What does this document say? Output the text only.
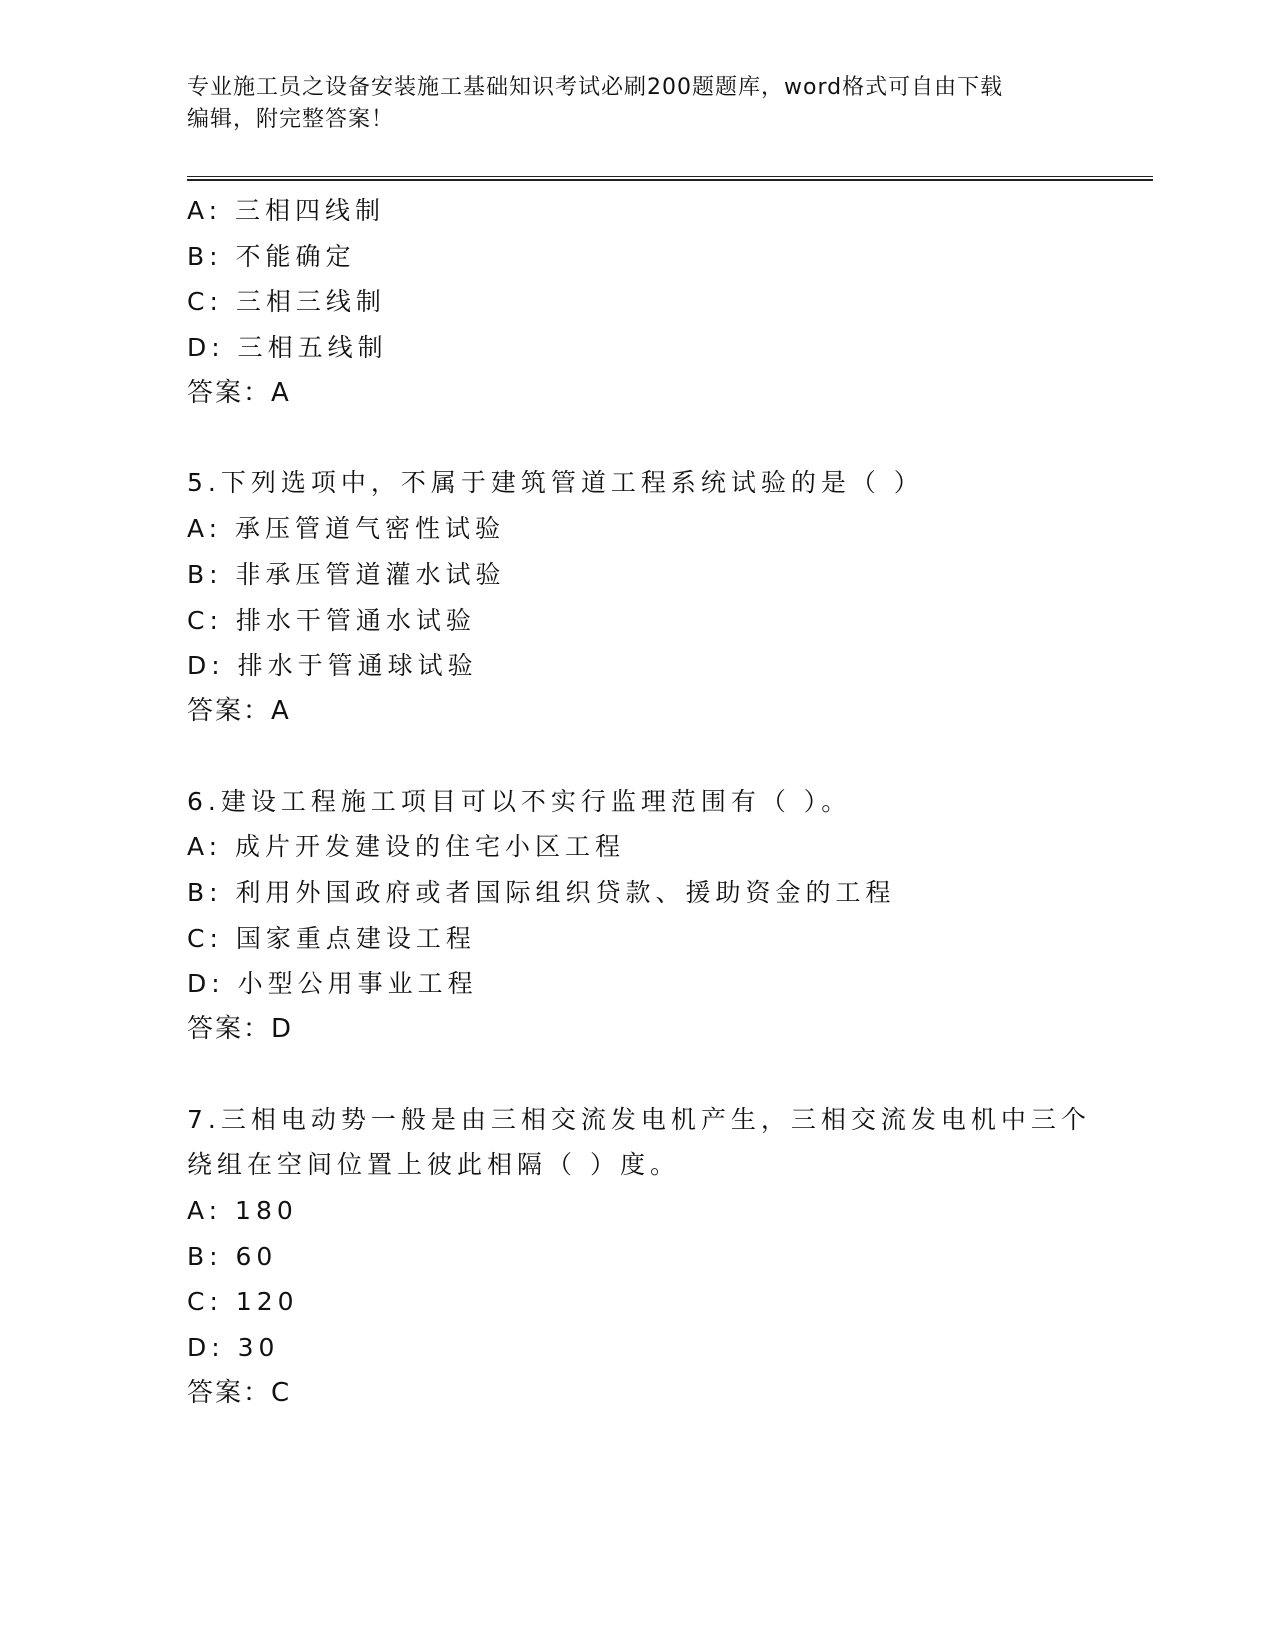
专业施工员之设备安装施工基础知识考试必刷200题题库，word格式可自由下载
编辑，附完整答案！
A: 三相四线制
B: 不能确定
C: 三相三线制
D: 三相五线制
答案：A
5.下列选项中，不属于建筑管道工程系统试验的是（ ）
A: 承压管道气密性试验
B: 非承压管道灌水试验
C: 排水干管通水试验
D: 排水于管通球试验
答案：A
6.建设工程施工项目可以不实行监理范围有（ ）。
A: 成片开发建设的住宅小区工程
B: 利用外国政府或者国际组织贷款、援助资金的工程
C: 国家重点建设工程
D: 小型公用事业工程
答案：D
7.三相电动势一般是由三相交流发电机产生，三相交流发电机中三个
绕组在空间位置上彼此相隔（ ）度。
A: 180
B: 60
C: 120
D: 30
答案：C
